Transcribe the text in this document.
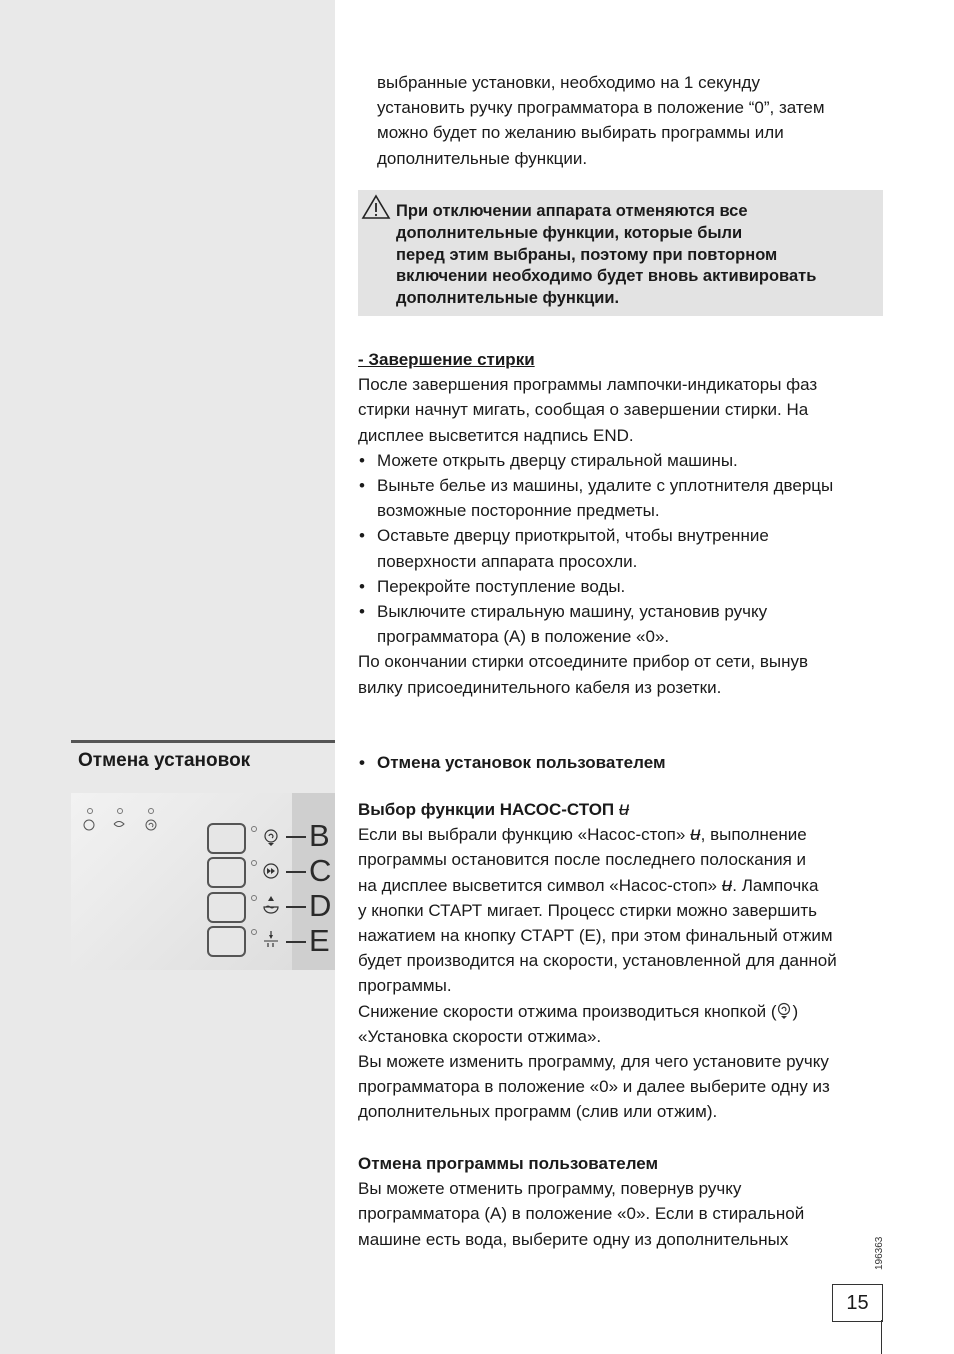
выбранные установки, необходимо на 1 секунду
установить ручку программатора в положение “0”, затем
можно будет по желанию выбирать программы или
дополнительные функции.
При отключении аппарата отменяются все
дополнительные функции, которые были
перед этим выбраны, поэтому при повторном
включении необходимо будет вновь активировать
дополнительные функции.
- Завершение стирки
После завершения программы лампочки-индикаторы фаз
стирки начнут мигать, сообщая о завершении стирки. На
дисплее высветится надпись END.
• Можете открыть дверцу стиральной машины.
• Выньте белье из машины, удалите с уплотнителя дверцы
возможные посторонние предметы.
• Оставьте дверцу приоткрытой, чтобы внутренние
поверхности аппарата просохли.
• Перекройте поступление воды.
• Выключите стиральную машину, установив ручку
программатора (А) в положение «0».
По окончании стирки отсоедините прибор от сети, вынув
вилку присоединительного кабеля из розетки.
Отмена установок
B
C
D
E
• Отмена установок пользователем
Выбор функции НАСОС-СТОП ʉ
Если вы выбрали функцию «Насос-стоп» ʉ, выполнение
программы остановится после последнего полоскания и
на дисплее высветится символ «Насос-стоп» ʉ. Лампочка
у кнопки СТАРТ мигает. Процесс стирки можно завершить
нажатием на кнопку СТАРТ (Е), при этом финальный отжим
будет производится на скорости, установленной для данной
программы.
Снижение скорости отжима производиться кнопкой ( )
«Установка скорости отжима».
Вы можете изменить программу, для чего установите ручку
программатора в положение «0» и далее выберите одну из
дополнительных программ (слив или отжим).
Отмена программы пользователем
Вы можете отменить программу, повернув ручку
программатора (А) в положение «0». Если в стиральной
машине есть вода, выберите одну из дополнительных	196363
15
